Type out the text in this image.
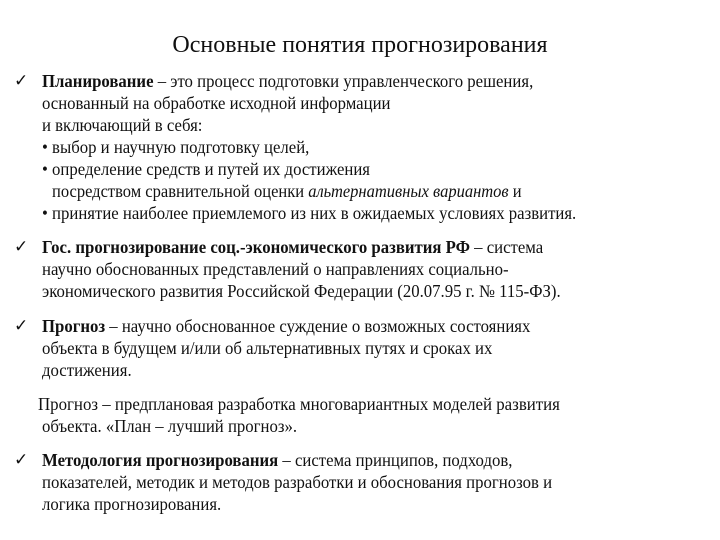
Основные понятия прогнозирования
✓ Планирование – это процесс подготовки управленческого решения,
основанный на обработке исходной информации
и включающий в себя:
• выбор и научную подготовку целей,
• определение средств и путей их достижения
посредством сравнительной оценки альтернативных вариантов и
• принятие наиболее приемлемого из них в ожидаемых условиях развития.
✓ Гос. прогнозирование соц.-экономического развития РФ – система
научно обоснованных представлений о направлениях социально-
экономического развития Российской Федерации (20.07.95 г. № 115-ФЗ).
✓ Прогноз – научно обоснованное суждение о возможных состояниях
объекта в будущем и/или об альтернативных путях и сроках их
достижения.
Прогноз – предплановая разработка многовариантных моделей развития
объекта. «План – лучший прогноз».
✓ Методология прогнозирования – система принципов, подходов,
показателей, методик и методов разработки и обоснования прогнозов и
логика прогнозирования.
